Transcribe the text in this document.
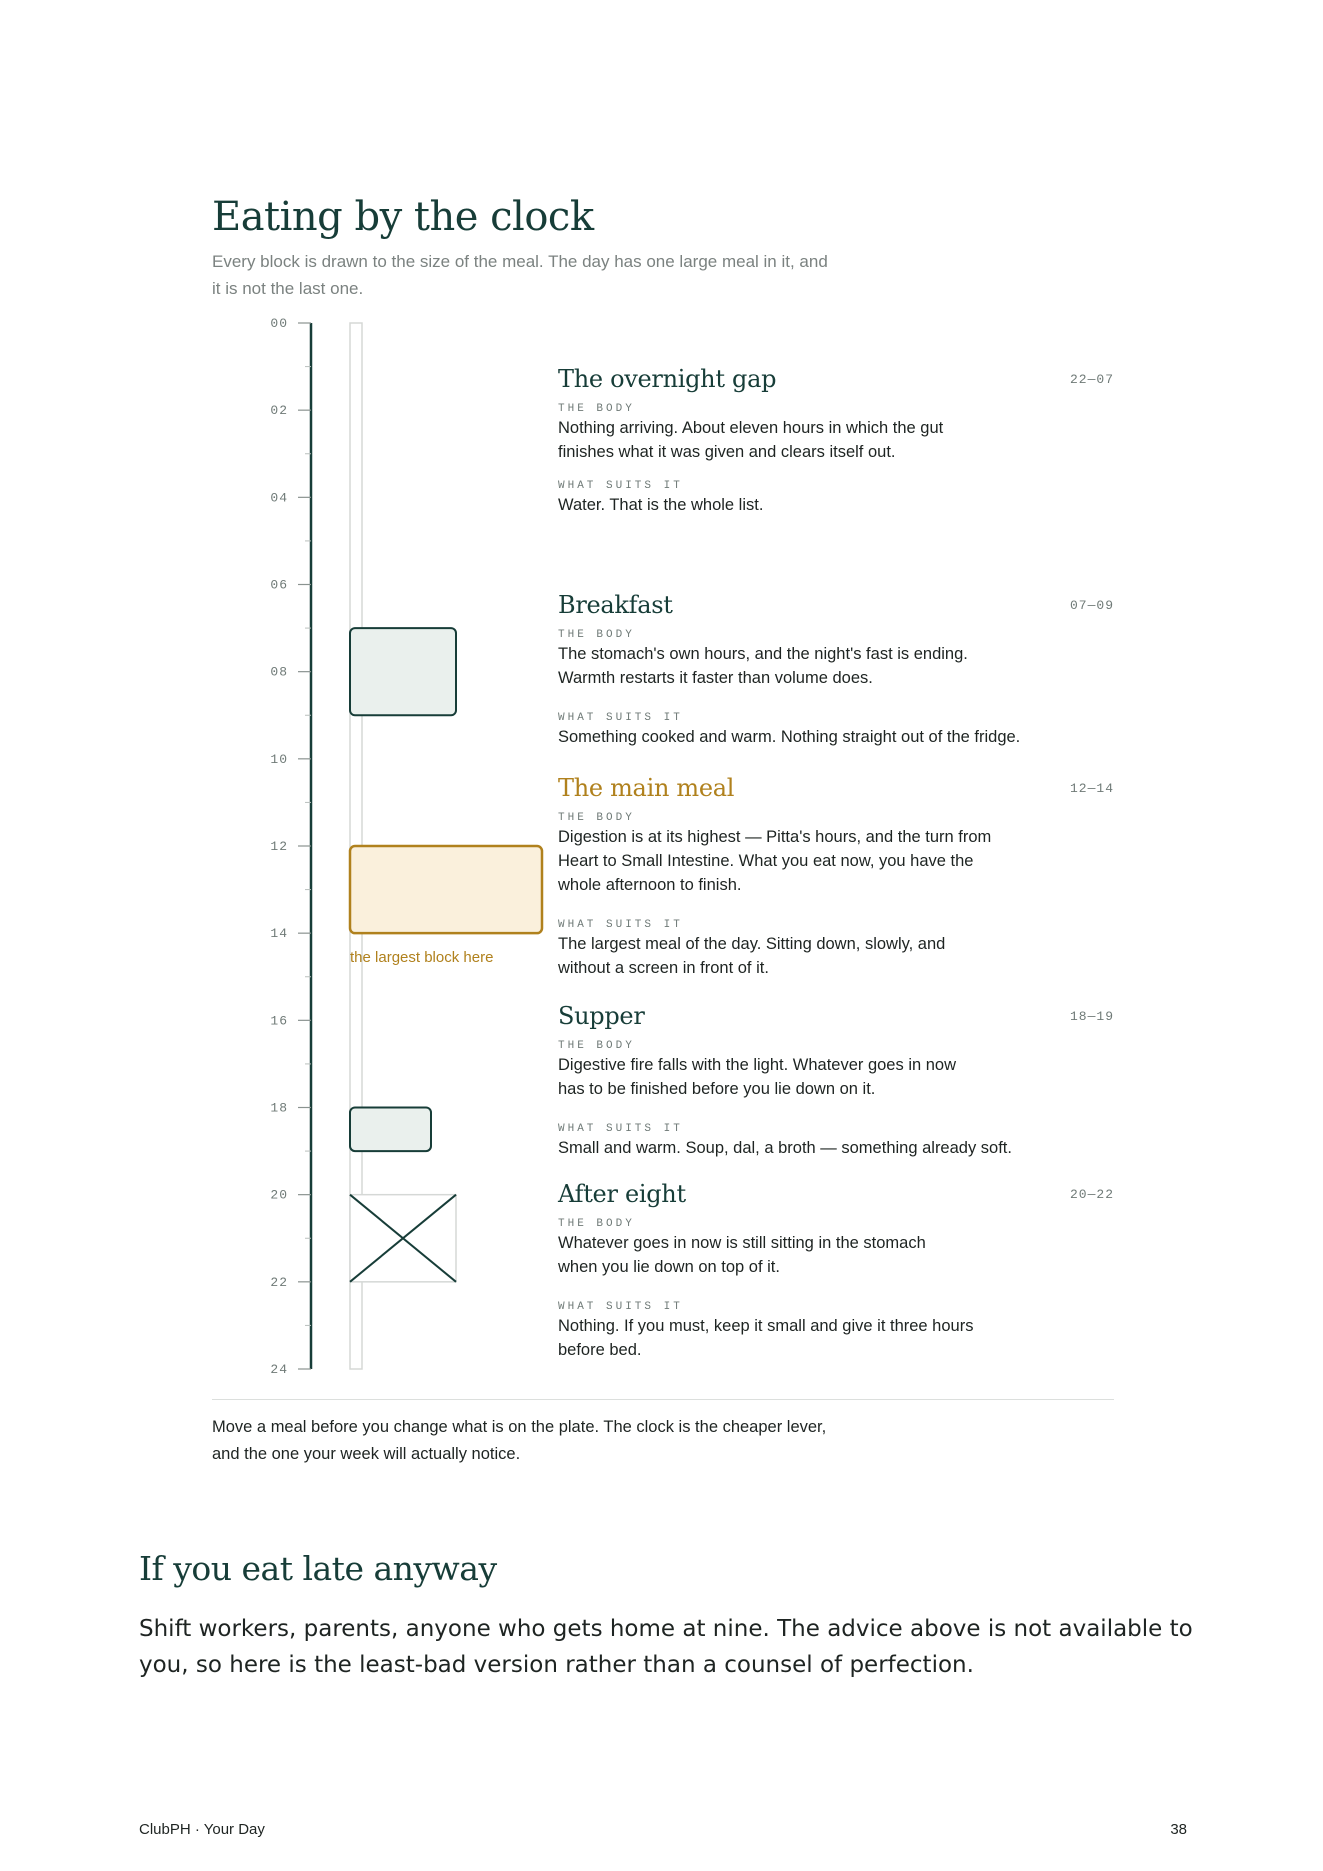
Eating by the clock

Every block is drawn to the size of the meal. The day has one large meal in it, and it is not the last one.

00
02
04
06
08
10
12
14
16
18
20
22
24
the largest block here
The overnight gap	22—07
THE BODY
Nothing arriving. About eleven hours in which the gut finishes what it was given and clears itself out.
WHAT SUITS IT
Water. That is the whole list.
Breakfast	07—09
THE BODY
The stomach's own hours, and the night's fast is ending. Warmth restarts it faster than volume does.
WHAT SUITS IT
Something cooked and warm. Nothing straight out of the fridge.
The main meal	12—14
THE BODY
Digestion is at its highest — Pitta's hours, and the turn from Heart to Small Intestine. What you eat now, you have the whole afternoon to finish.
WHAT SUITS IT
The largest meal of the day. Sitting down, slowly, and without a screen in front of it.
Supper	18—19
THE BODY
Digestive fire falls with the light. Whatever goes in now has to be finished before you lie down on it.
WHAT SUITS IT
Small and warm. Soup, dal, a broth — something already soft.
After eight	20—22
THE BODY
Whatever goes in now is still sitting in the stomach when you lie down on top of it.
WHAT SUITS IT
Nothing. If you must, keep it small and give it three hours before bed.

Move a meal before you change what is on the plate. The clock is the cheaper lever, and the one your week will actually notice.

If you eat late anyway

Shift workers, parents, anyone who gets home at nine. The advice above is not available to you, so here is the least-bad version rather than a counsel of perfection.

ClubPH · Your Day	38
